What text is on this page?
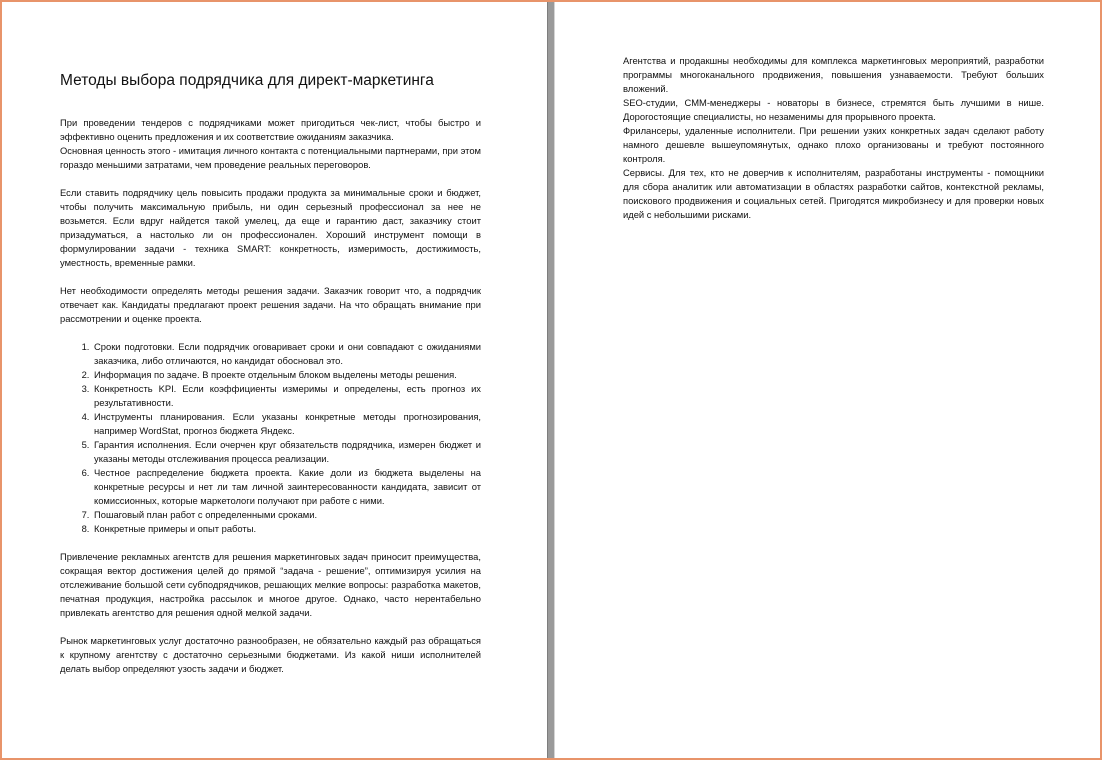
Методы выбора подрядчика для директ-маркетинга

При проведении тендеров с подрядчиками может пригодиться чек-лист, чтобы быстро и эффективно оценить предложения и их соответствие ожиданиям заказчика.

Основная ценность этого - имитация личного контакта с потенциальными партнерами, при этом гораздо меньшими затратами, чем проведение реальных переговоров.

Если ставить подрядчику цель повысить продажи продукта за минимальные сроки и бюджет, чтобы получить максимальную прибыль, ни один серьезный профессионал за нее не возьмется. Если вдруг найдется такой умелец, да еще и гарантию даст, заказчику стоит призадуматься, а настолько ли он профессионален. Хороший инструмент помощи в формулировании задачи - техника SMART: конкретность, измеримость, достижимость, уместность, временные рамки.

Нет необходимости определять методы решения задачи. Заказчик говорит что, а подрядчик отвечает как. Кандидаты предлагают проект решения задачи. На что обращать внимание при рассмотрении и оценке проекта.

1. Сроки подготовки. Если подрядчик оговаривает сроки и они совпадают с ожиданиями заказчика, либо отличаются, но кандидат обосновал это.
2. Информация по задаче. В проекте отдельным блоком выделены методы решения.
3. Конкретность KPI. Если коэффициенты измеримы и определены, есть прогноз их результативности.
4. Инструменты планирования. Если указаны конкретные методы прогнозирования, например WordStat, прогноз бюджета Яндекс.
5. Гарантия исполнения. Если очерчен круг обязательств подрядчика, измерен бюджет и указаны методы отслеживания процесса реализации.
6. Честное распределение бюджета проекта. Какие доли из бюджета выделены на конкретные ресурсы и нет ли там личной заинтересованности кандидата, зависит от комиссионных, которые маркетологи получают при работе с ними.
7. Пошаговый план работ с определенными сроками.
8. Конкретные примеры и опыт работы.

Привлечение рекламных агентств для решения маркетинговых задач приносит преимущества, сокращая вектор достижения целей до прямой “задача - решение”, оптимизируя усилия на отслеживание большой сети субподрядчиков, решающих мелкие вопросы: разработка макетов, печатная продукция, настройка рассылок и многое другое. Однако, часто нерентабельно привлекать агентство для решения одной мелкой задачи.

Рынок маркетинговых услуг достаточно разнообразен, не обязательно каждый раз обращаться к крупному агентству с достаточно серьезными бюджетами. Из какой ниши исполнителей делать выбор определяют узость задачи и бюджет.

Агентства и продакшны необходимы для комплекса маркетинговых мероприятий, разработки программы многоканального продвижения, повышения узнаваемости. Требуют больших вложений.

SEO-студии, СММ-менеджеры - новаторы в бизнесе, стремятся быть лучшими в нише. Дорогостоящие специалисты, но незаменимы для прорывного проекта.

Фрилансеры, удаленные исполнители. При решении узких конкретных задач сделают работу намного дешевле вышеупомянутых, однако плохо организованы и требуют постоянного контроля.

Сервисы. Для тех, кто не доверчив к исполнителям, разработаны инструменты - помощники для сбора аналитик или автоматизации в областях разработки сайтов, контекстной рекламы, поискового продвижения и социальных сетей. Пригодятся микробизнесу и для проверки новых идей с небольшими рисками.
